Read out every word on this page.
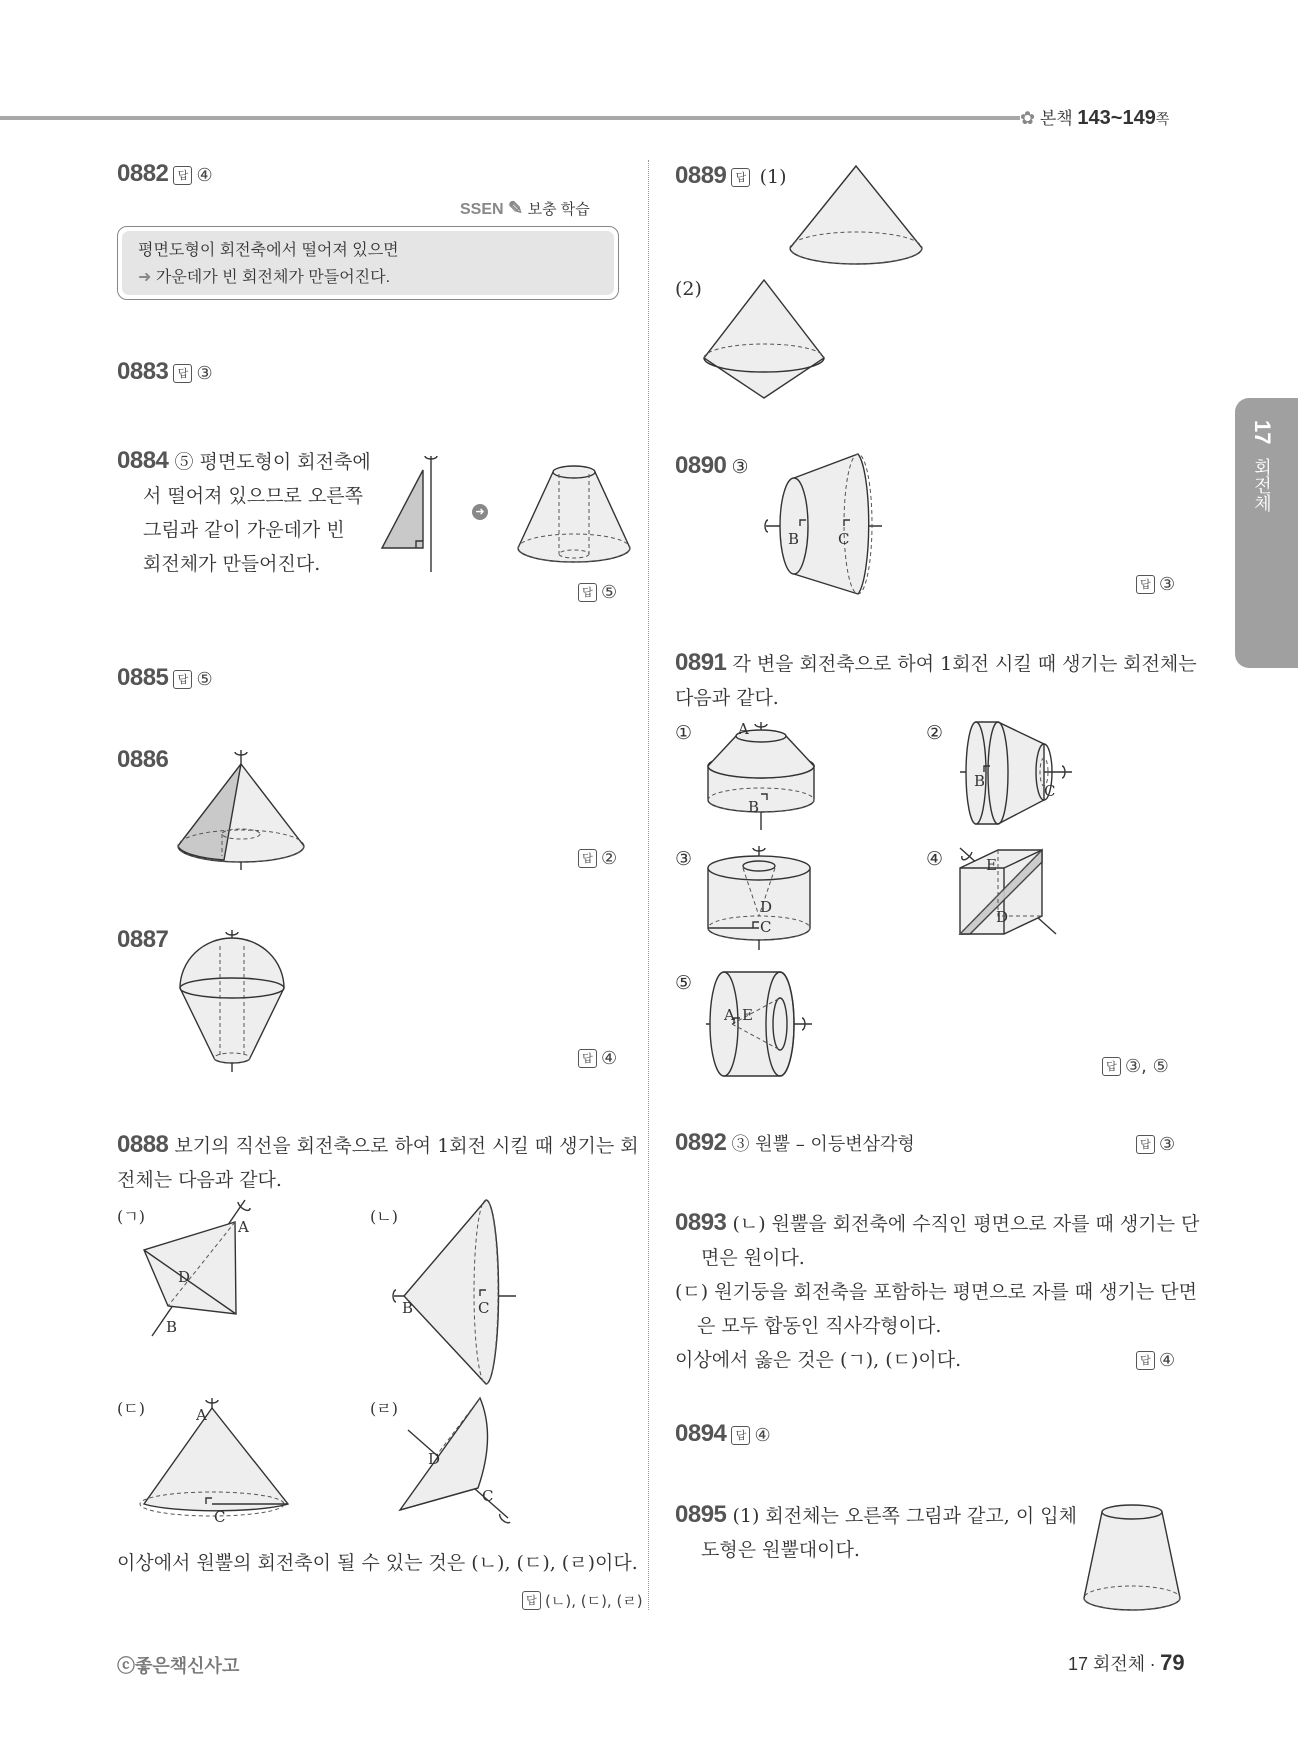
✿ 본책 143~149쪽
17 회전체
0882 답 ④
SSEN ✎ 보충 학습
평면도형이 회전축에서 떨어져 있으면
➜ 가운데가 빈 회전체가 만들어진다.
0883 답 ③
0884 ⑤ 평면도형이 회전축에
서 떨어져 있으므로 오른쪽
그림과 같이 가운데가 빈
회전체가 만들어진다.
➜
답 ⑤
0885 답 ⑤
0886
답 ②
0887
답 ④
0888 보기의 직선을 회전축으로 하여 1회전 시킬 때 생기는 회
전체는 다음과 같다.
(ㄱ)
A
D
B
(ㄴ)
B	C
(ㄷ)	A
C
(ㄹ)
D
C
이상에서 원뿔의 회전축이 될 수 있는 것은 (ㄴ), (ㄷ), (ㄹ)이다.
답 (ㄴ), (ㄷ), (ㄹ)
0889 답 (1)
(2)
0890 ③
B	C
답 ③
0891 각 변을 회전축으로 하여 1회전 시킬 때 생기는 회전체는
다음과 같다.
①	A
B
②
B
C
③
D
C
④	E
D
⑤
A E
답 ③, ⑤
0892 ③ 원뿔 – 이등변삼각형	답 ③
0893 (ㄴ) 원뿔을 회전축에 수직인 평면으로 자를 때 생기는 단
면은 원이다.
(ㄷ) 원기둥을 회전축을 포함하는 평면으로 자를 때 생기는 단면
은 모두 합동인 직사각형이다.
이상에서 옳은 것은 (ㄱ), (ㄷ)이다.	답 ④
0894 답 ④
0895 (1) 회전체는 오른쪽 그림과 같고, 이 입체
도형은 원뿔대이다.
ⓒ좋은책신사고	17 회전체 · 79
